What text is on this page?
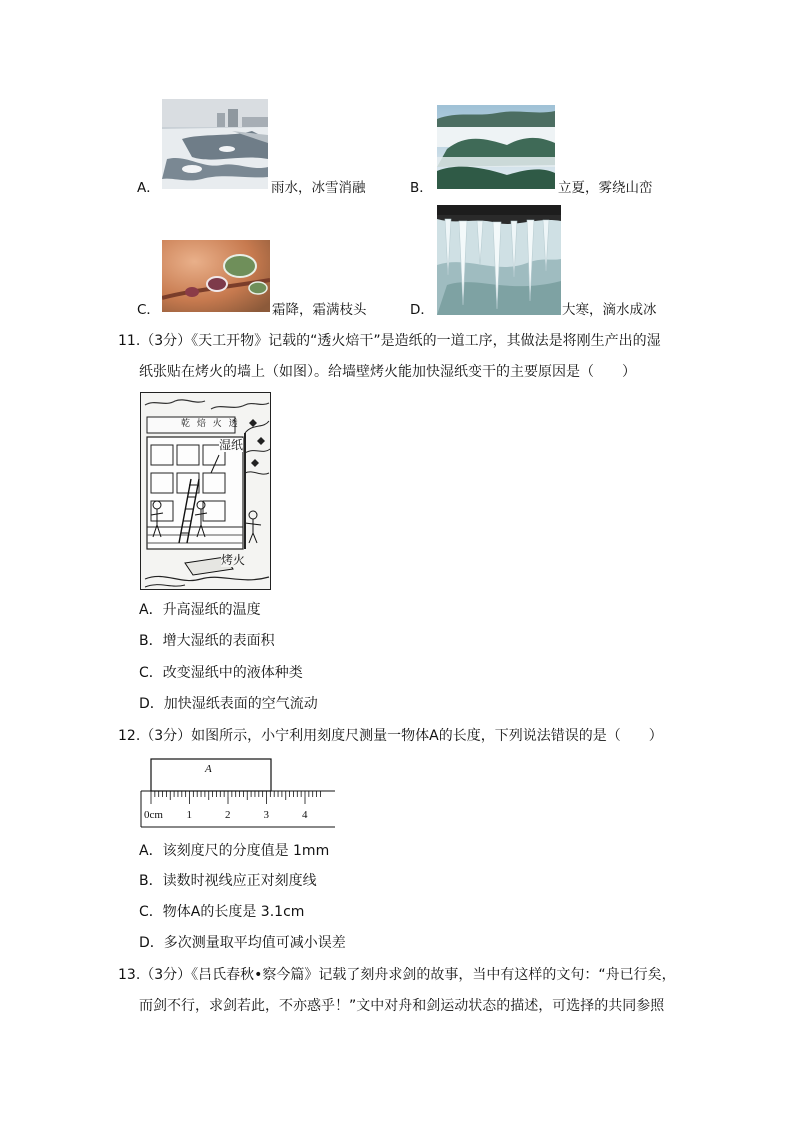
A．	雨水，冰雪消融	B．	立夏，雾绕山峦
C．	霜降，霜满枝头	D．	大寒，滴水成冰
11.（3分）《天工开物》记载的“透火焙干”是造纸的一道工序，其做法是将刚生产出的湿
纸张贴在烤火的墙上（如图）。给墙壁烤火能加快湿纸变干的主要原因是（　　）
乾 焙 火 透
湿纸
烤火
A．升高湿纸的温度
B．增大湿纸的表面积
C．改变湿纸中的液体种类
D．加快湿纸表面的空气流动
12.（3分）如图所示，小宁利用刻度尺测量一物体A的长度，下列说法错误的是（　　）
A
0cm 1	2	3	4
A．该刻度尺的分度值是 1mm
B．读数时视线应正对刻度线
C．物体A的长度是 3.1cm
D．多次测量取平均值可减小误差
13.（3分）《吕氏春秋•察今篇》记载了刻舟求剑的故事，当中有这样的文句：“舟已行矣，
而剑不行，求剑若此，不亦惑乎！”文中对舟和剑运动状态的描述，可选择的共同参照
